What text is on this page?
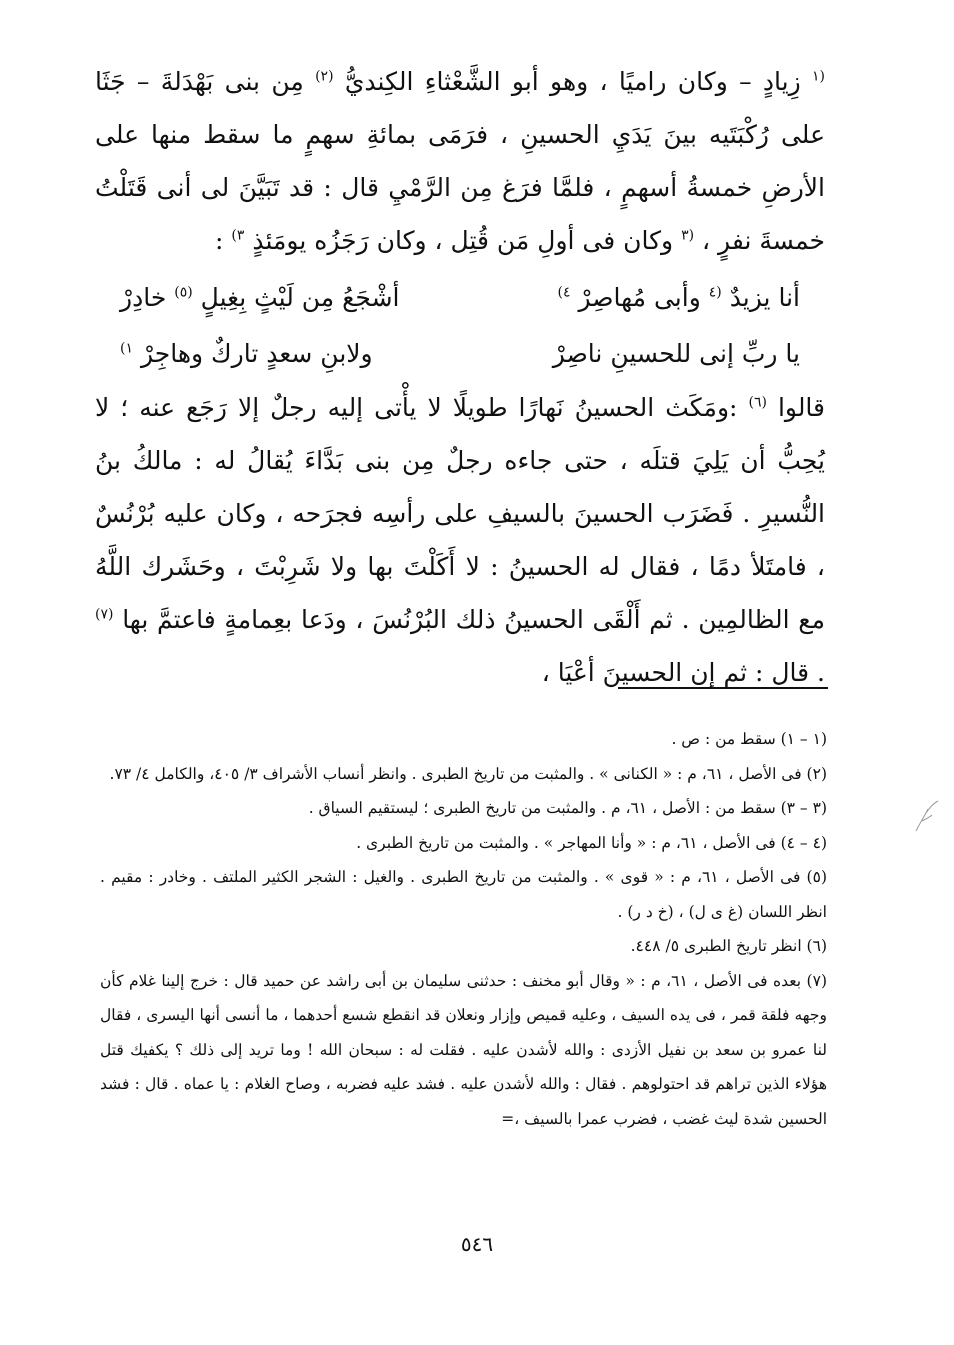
$^{(١}$ زِيادٍ – وكان راميًا ، وهو أبو الشَّعْثاءِ الكِنديُّ $^{(٢)}$ مِن بنى بَهْدَلةَ – جَثَا على رُكْبَتَيه بينَ يَدَيِ الحسينِ ، فرَمَى بمائةِ سهمٍ ما سقط منها على الأرضِ خمسةُ أسهمٍ ، فلمَّا فرَغ مِن الرَّمْيِ قال : قد تَبَيَّنَ لى أنى قَتَلْتُ خمسةَ نفرٍ ، $^{(٣}$ وكان فى أولِ مَن قُتِل ، وكان رَجَزُه يومَئذٍ $^{٣)}$ :

أنا يزيدٌ $^{(٤}$ وأبى مُهاصِرْ $^{٤)}$
أشْجَعُ مِن لَيْثٍ بِغِيلٍ $^{(٥)}$ خادِرْ
يا ربِّ إنى للحسينِ ناصِرْ
ولابنِ سعدٍ تاركٌ وهاجِرْ $^{١)}$

قالوا $^{(٦)}$ :ومَكَث الحسينُ نَهارًا طويلًا لا يأْتى إليه رجلٌ إلا رَجَع عنه ؛ لا يُحِبُّ أن يَلِيَ قتلَه ، حتى جاءه رجلٌ مِن بنى بَدَّاءَ يُقالُ له : مالكُ بنُ النُّسيرِ . فَضَرَب الحسينَ بالسيفِ على رأسِه فجرَحه ، وكان عليه بُرْنُسٌ ، فامتَلأ دمًا ، فقال له الحسينُ : لا أَكَلْتَ بها ولا شَرِبْتَ ، وحَشَرك اللَّهُ مع الظالمِين . ثم أَلْقَى الحسينُ ذلك البُرْنُسَ ، ودَعا بعِمامةٍ فاعتمَّ بها $^{(٧)}$ . قال : ثم إن الحسينَ أعْيَا ،

(١ – ١) سقط من : ص .

(٢) فى الأصل ، ٦١، م : « الكنانى » . والمثبت من تاريخ الطبرى . وانظر أنساب الأشراف ٣/ ٤٠٥، والكامل ٤/ ٧٣.

(٣ – ٣) سقط من : الأصل ، ٦١، م . والمثبت من تاريخ الطبرى ؛ ليستقيم السياق .

(٤ – ٤) فى الأصل ، ٦١، م : « وأنا المهاجر » . والمثبت من تاريخ الطبرى .

(٥) فى الأصل ، ٦١، م : « قوى » . والمثبت من تاريخ الطبرى . والغيل : الشجر الكثير الملتف . وخادر : مقيم . انظر اللسان (غ ى ل) ، (خ د ر) .

(٦) انظر تاريخ الطبرى ٥/ ٤٤٨.

(٧) بعده فى الأصل ، ٦١، م : « وقال أبو مخنف : حدثنى سليمان بن أبى راشد عن حميد قال : خرج إلينا غلام كأن وجهه فلقة قمر ، فى يده السيف ، وعليه قميص وإزار ونعلان قد انقطع شسع أحدهما ، ما أنسى أنها اليسرى ، فقال لنا عمرو بن سعد بن نفيل الأزدى : والله لأشدن عليه . فقلت له : سبحان الله ! وما تريد إلى ذلك ؟ يكفيك قتل هؤلاء الذين تراهم قد احتولوهم . فقال : والله لأشدن عليه . فشد عليه فضربه ، وصاح الغلام : يا عماه . قال : فشد الحسين شدة ليث غضب ، فضرب عمرا بالسيف ،=

٥٤٦
